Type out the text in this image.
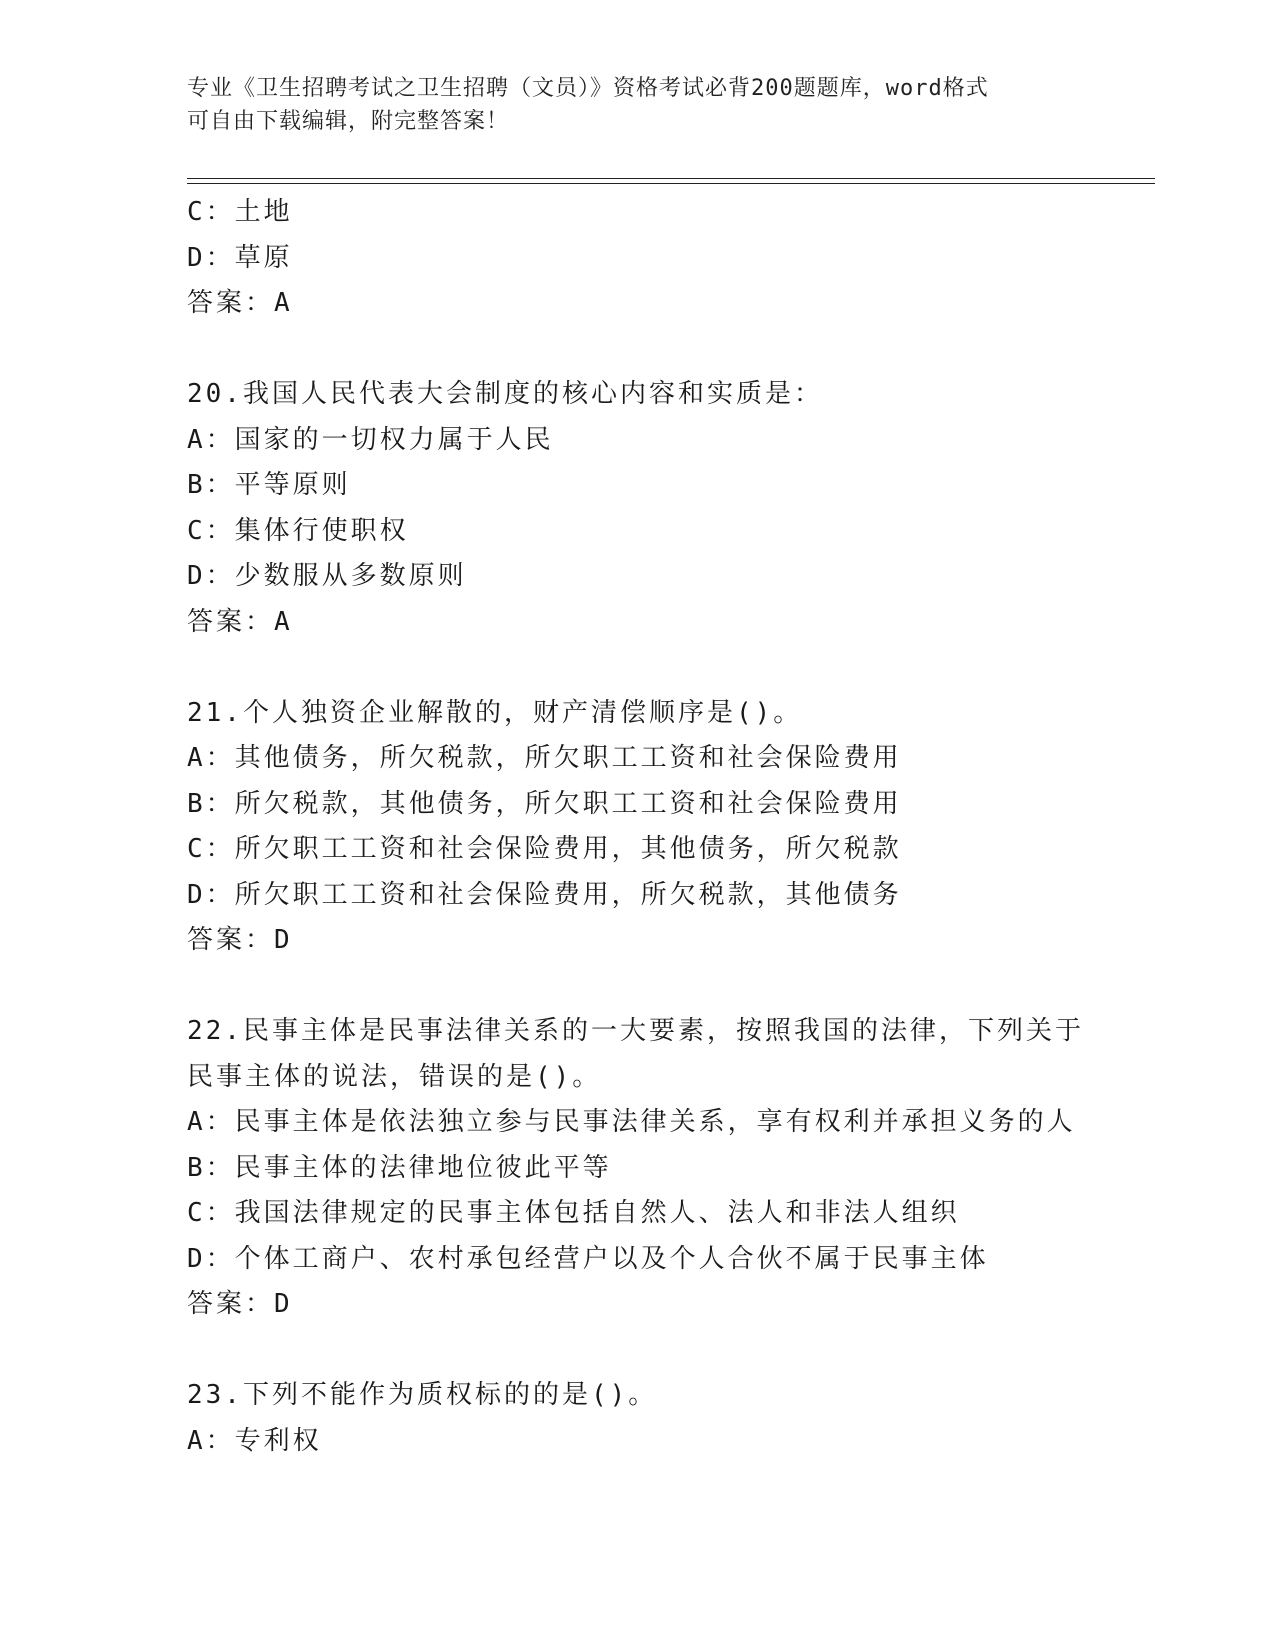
专业《卫生招聘考试之卫生招聘（文员）》资格考试必背200题题库，word格式
可自由下载编辑，附完整答案！
C：土地
D：草原
答案：A
20.我国人民代表大会制度的核心内容和实质是：
A：国家的一切权力属于人民
B：平等原则
C：集体行使职权
D：少数服从多数原则
答案：A
21.个人独资企业解散的，财产清偿顺序是()。
A：其他债务，所欠税款，所欠职工工资和社会保险费用
B：所欠税款，其他债务，所欠职工工资和社会保险费用
C：所欠职工工资和社会保险费用，其他债务，所欠税款
D：所欠职工工资和社会保险费用，所欠税款，其他债务
答案：D
22.民事主体是民事法律关系的一大要素，按照我国的法律，下列关于
民事主体的说法，错误的是()。
A：民事主体是依法独立参与民事法律关系，享有权利并承担义务的人
B：民事主体的法律地位彼此平等
C：我国法律规定的民事主体包括自然人、法人和非法人组织
D：个体工商户、农村承包经营户以及个人合伙不属于民事主体
答案：D
23.下列不能作为质权标的的是()。
A：专利权
